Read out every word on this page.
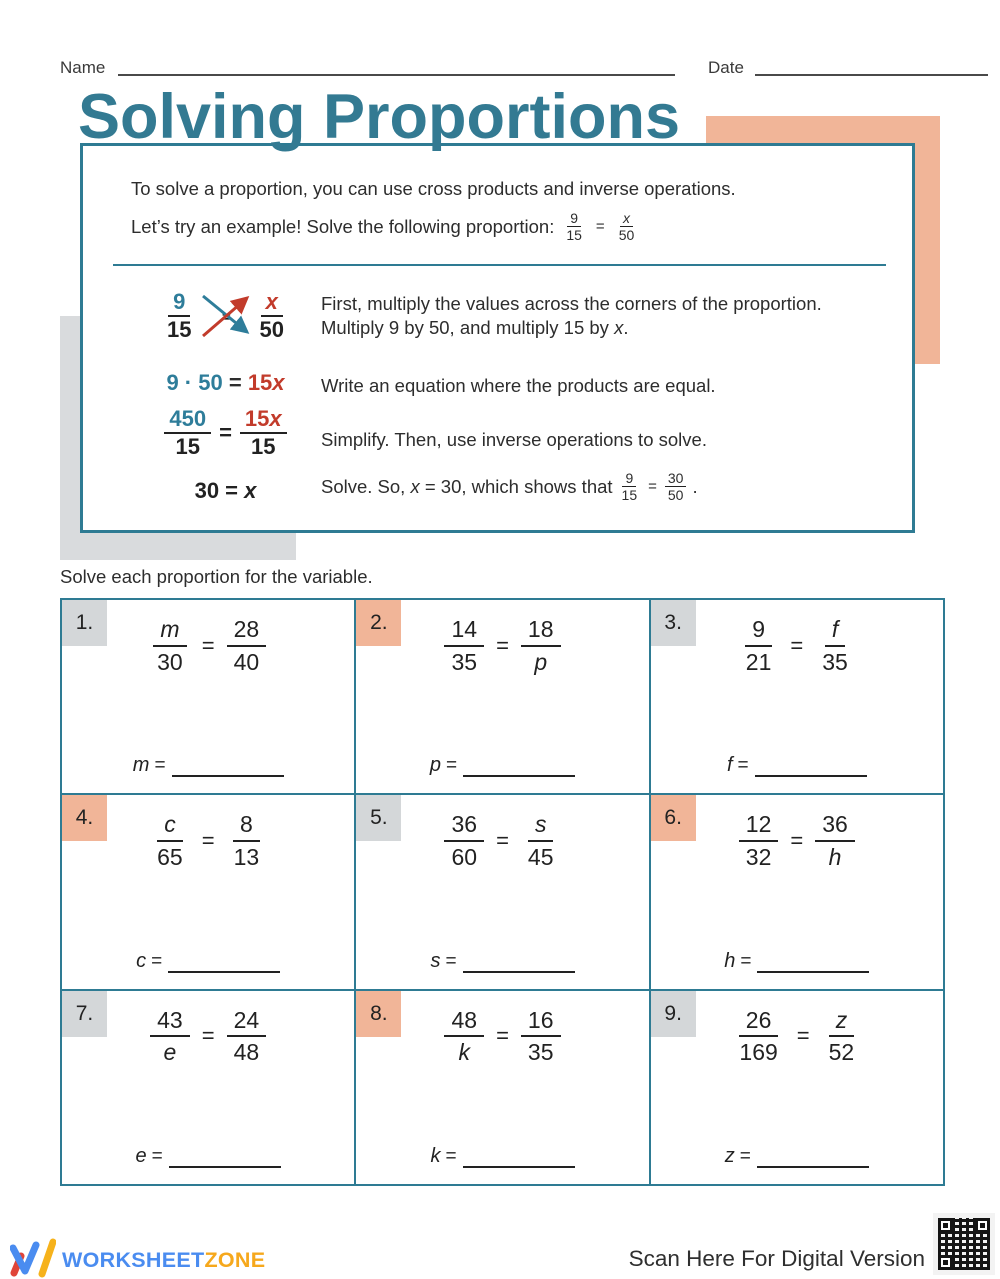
Name	Date
Solving Proportions
To solve a proportion, you can use cross products and inverse operations.
Let’s try an example! Solve the following proportion: $\frac{9}{15} = \frac{x}{50}$
$\frac{9}{15}$	$\frac{x}{50}$ First, multiply the values across the corners of the proportion.
Multiply 9 by 50, and multiply 15 by x.
9 · 50 = 15x Write an equation where the products are equal.
$\frac{450}{15} = \frac{15x}{15}$ Simplify. Then, use inverse operations to solve.
30 = x	Solve. So, x = 30, which shows that $\frac{9}{15} = \frac{30}{50}$ .
Solve each proportion for the variable.
1.	$\frac{m}{30} = \frac{28}{40}$
m =
2.	$\frac{14}{35} = \frac{18}{p}$
p =
3.	$\frac{9}{21} = \frac{f}{35}$
f =
4.	$\frac{c}{65} = \frac{8}{13}$
c =
5.	$\frac{36}{60} = \frac{s}{45}$
s =
6.	$\frac{12}{32} = \frac{36}{h}$
h =
7.	$\frac{43}{e} = \frac{24}{48}$
e =
8.	$\frac{48}{k} = \frac{16}{35}$
k =
9.	$\frac{26}{169} = \frac{z}{52}$
z =
WORKSHEETZONE	Scan Here For Digital Version
